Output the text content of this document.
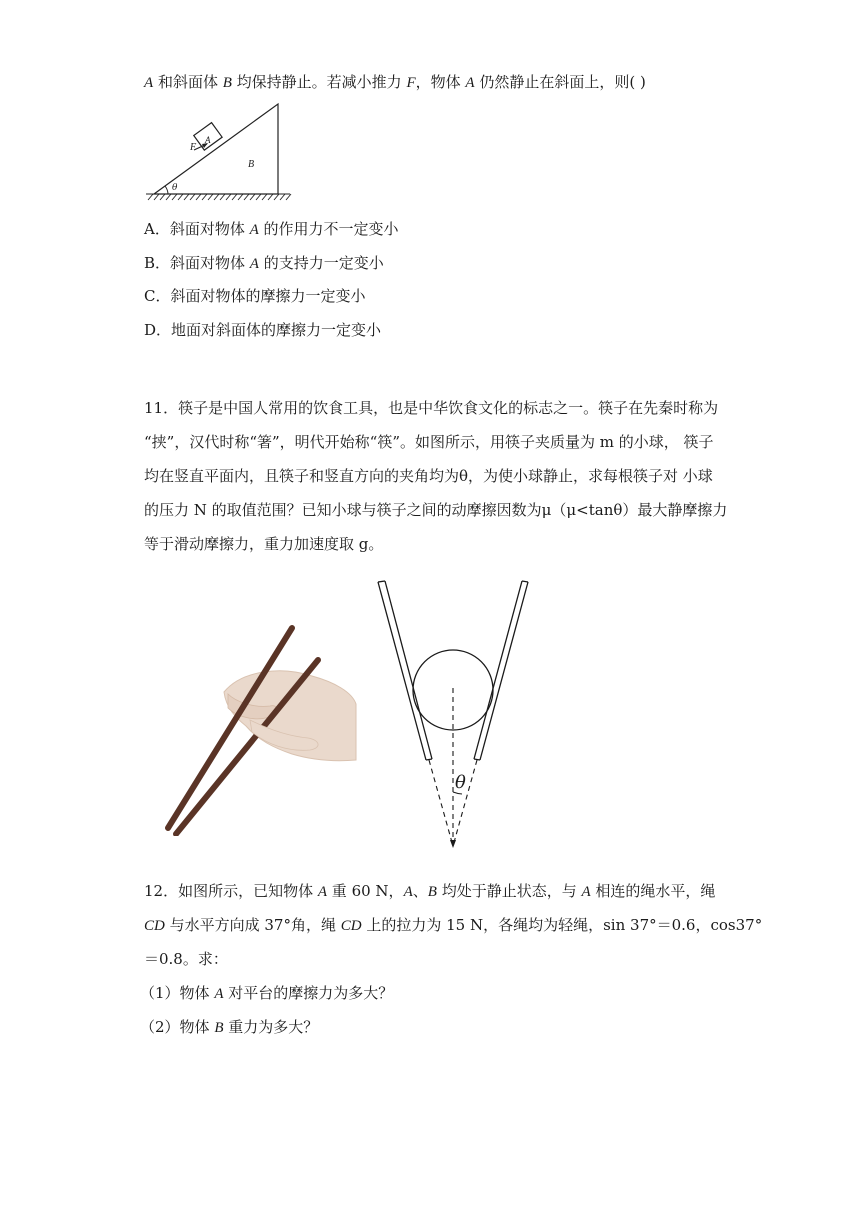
A 和斜面体 B 均保持静止。若减小推力 F，物体 A 仍然静止在斜面上，则( )
F
A
B
θ
A．斜面对物体 A 的作用力不一定变小
B．斜面对物体 A 的支持力一定变小
C．斜面对物体的摩擦力一定变小
D．地面对斜面体的摩擦力一定变小
11．筷子是中国人常用的饮食工具，也是中华饮食文化的标志之一。筷子在先秦时称为
“挟”，汉代时称“箸”，明代开始称“筷”。如图所示，用筷子夹质量为 m 的小球， 筷子
均在竖直平面内，且筷子和竖直方向的夹角均为θ，为使小球静止，求每根筷子对 小球
的压力 N 的取值范围？已知小球与筷子之间的动摩擦因数为μ（μ<tanθ）最大静摩擦力
等于滑动摩擦力，重力加速度取 g。
θ
12．如图所示，已知物体 A 重 60 N，A、B 均处于静止状态，与 A 相连的绳水平，绳
CD 与水平方向成 37°角，绳 CD 上的拉力为 15 N，各绳均为轻绳，sin 37°＝0.6，cos37°
＝0.8。求：
（1）物体 A 对平台的摩擦力为多大？
（2）物体 B 重力为多大？
